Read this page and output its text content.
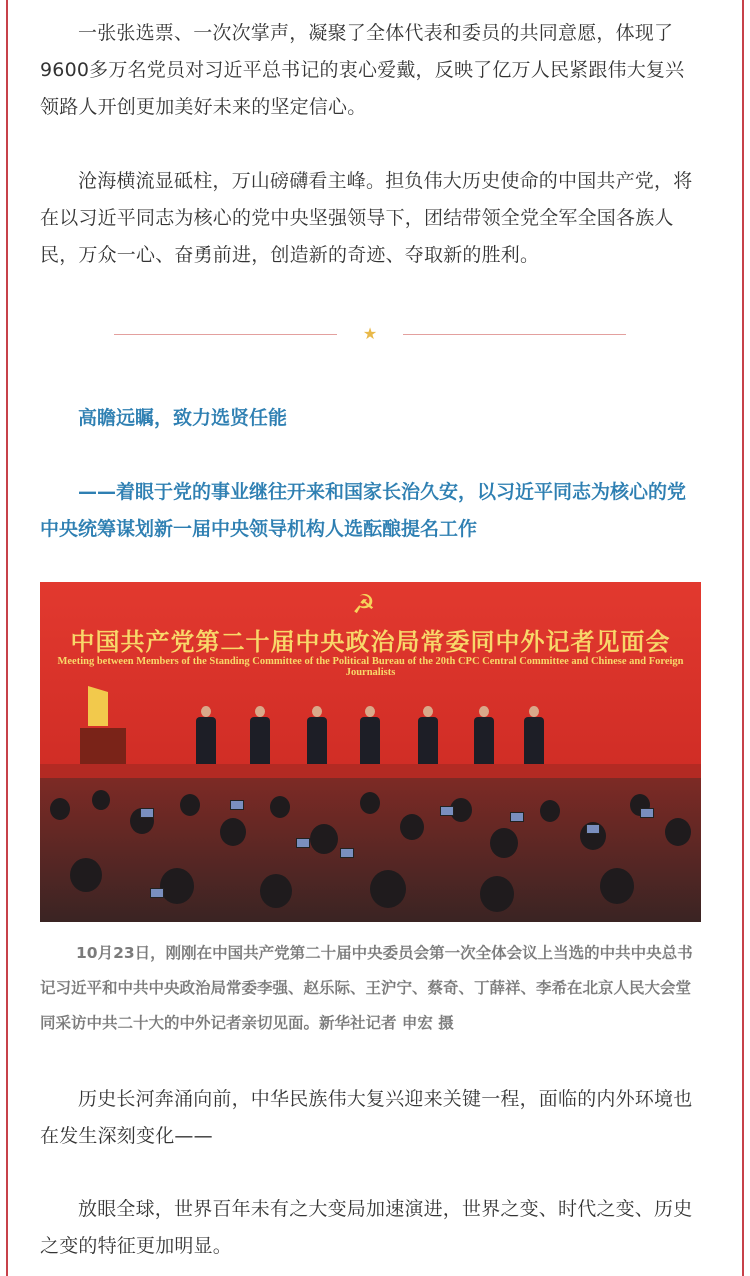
一张张选票、一次次掌声，凝聚了全体代表和委员的共同意愿，体现了9600多万名党员对习近平总书记的衷心爱戴，反映了亿万人民紧跟伟大复兴领路人开创更加美好未来的坚定信心。

沧海横流显砥柱，万山磅礴看主峰。担负伟大历史使命的中国共产党，将在以习近平同志为核心的党中央坚强领导下，团结带领全党全军全国各族人民，万众一心、奋勇前进，创造新的奇迹、夺取新的胜利。

★

高瞻远瞩，致力选贤任能

——着眼于党的事业继往开来和国家长治久安，以习近平同志为核心的党中央统筹谋划新一届中央领导机构人选酝酿提名工作

☭
中国共产党第二十届中央政治局常委同中外记者见面会
Meeting between Members of the Standing Committee of the Political Bureau of the 20th CPC Central Committee and Chinese and Foreign Journalists

10月23日，刚刚在中国共产党第二十届中央委员会第一次全体会议上当选的中共中央总书记习近平和中共中央政治局常委李强、赵乐际、王沪宁、蔡奇、丁薛祥、李希在北京人民大会堂同采访中共二十大的中外记者亲切见面。新华社记者 申宏 摄

历史长河奔涌向前，中华民族伟大复兴迎来关键一程，面临的内外环境也在发生深刻变化——

放眼全球，世界百年未有之大变局加速演进，世界之变、时代之变、历史之变的特征更加明显。
